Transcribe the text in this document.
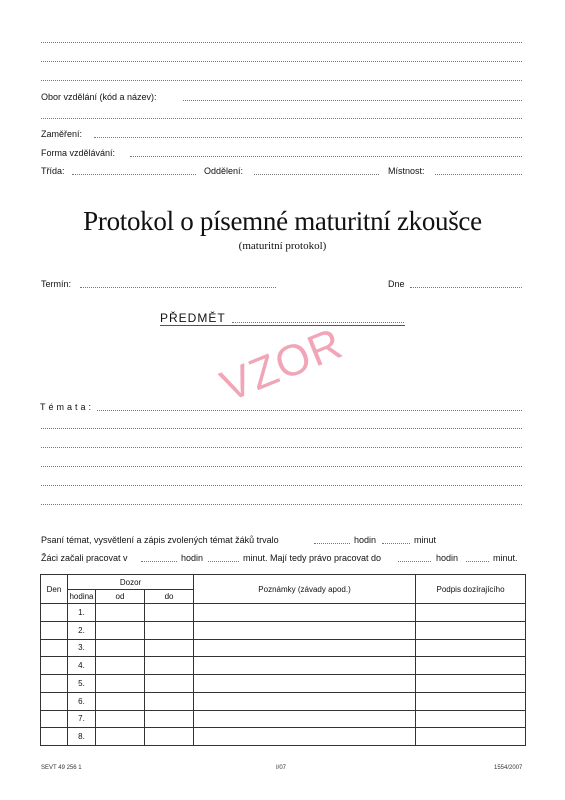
Obor vzdělání (kód a název):
Zaměření:
Forma vzdělávání:
Třída:	Oddělení:	Místnost:
Protokol o písemné maturitní zkoušce
(maturitní protokol)
Termín:	Dne
PŘEDMĚT
VZOR
Témata:
Psaní témat, vysvětlení a zápis zvolených témat žáků trvalo	hodin	minut
Žáci začali pracovat v	hodin	minut. Mají tedy právo pracovat do	hodin	minut.
Den	Dozor			Poznámky (závady apod.)	Podpis dozírajícího
	hodina	od	do		
	1.				
	2.				
	3.				
	4.				
	5.				
	6.				
	7.				
	8.				
SEVT 49 256 1	I/07	1554/2007
